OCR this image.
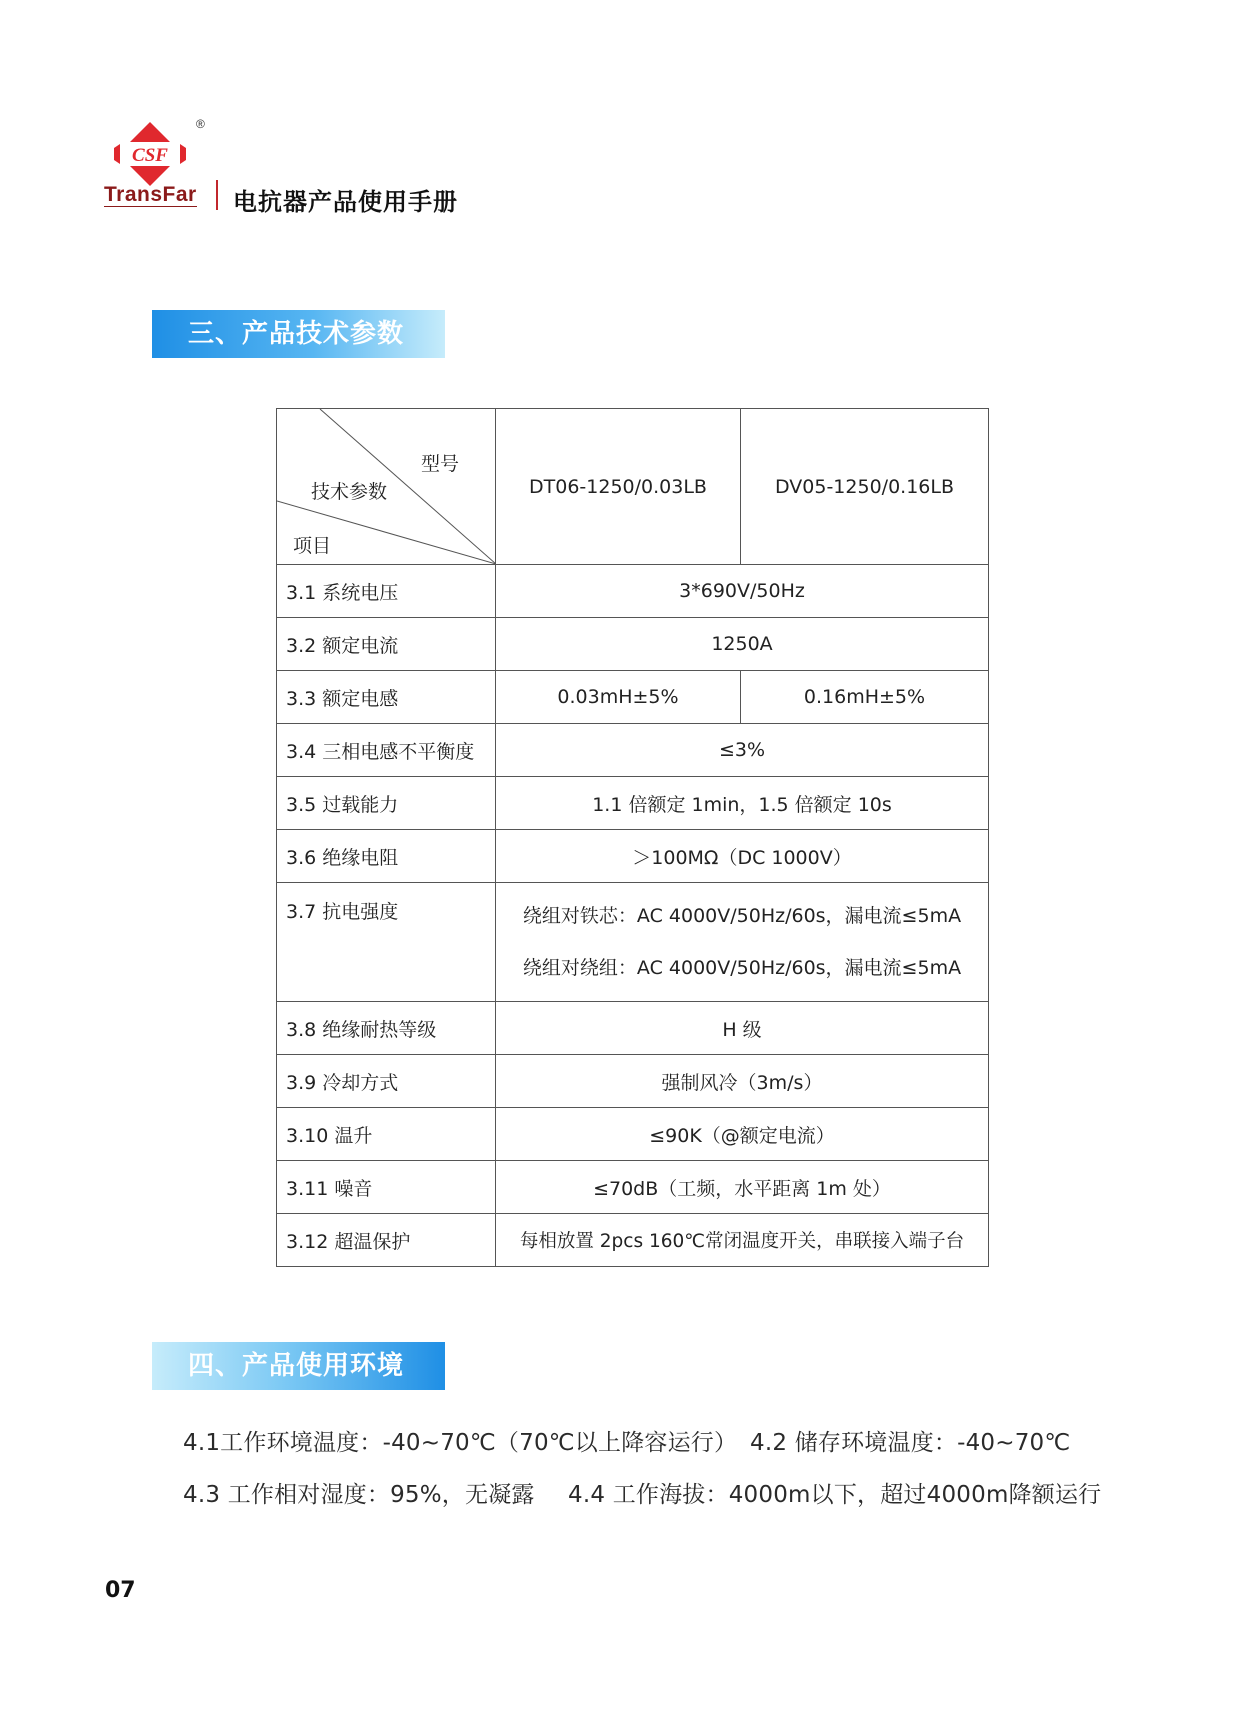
CSF
®
TransFar 电抗器产品使用手册
三、产品技术参数
型号
技术参数
项目	DT06-1250/0.03LB	DV05-1250/0.16LB
3.1 系统电压	3*690V/50Hz	
3.2 额定电流	1250A	
3.3 额定电感	0.03mH±5%	0.16mH±5%
3.4 三相电感不平衡度	≤3%	
3.5 过载能力	1.1 倍额定 1min，1.5 倍额定 10s	
3.6 绝缘电阻	＞100MΩ（DC 1000V）	
3.7 抗电强度	绕组对铁芯：AC 4000V/50Hz/60s，漏电流≤5mA
绕组对绕组：AC 4000V/50Hz/60s，漏电流≤5mA	

3.8 绝缘耐热等级	H 级	
3.9 冷却方式	强制风冷（3m/s）	
3.10 温升	≤90K（@额定电流）	
3.11 噪音	≤70dB（工频，水平距离 1m 处）	
3.12 超温保护	每相放置 2pcs 160℃常闭温度开关，串联接入端子台	
四、产品使用环境
4.1工作环境温度：-40~70℃（70℃以上降容运行） 4.2 储存环境温度：-40~70℃
4.3 工作相对湿度：95%，无凝露 4.4 工作海拔：4000m以下，超过4000m降额运行
07
